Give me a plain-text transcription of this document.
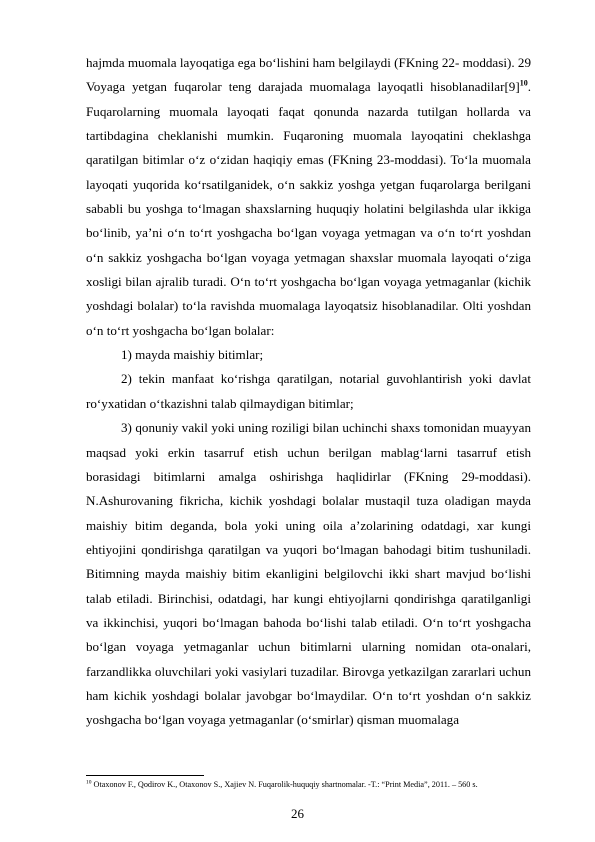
hajmda muomala layoqatiga ega bo‘lishini ham belgilaydi (FKning 22- moddasi). 29 Voyaga yetgan fuqarolar teng darajada muomalaga layoqatli hisoblanadilar[9]$^{10}$. Fuqarolarning muomala layoqati faqat qonunda nazarda tutilgan hollarda va tartibdagina cheklanishi mumkin. Fuqaroning muomala layoqatini cheklashga qaratilgan bitimlar o‘z o‘zidan haqiqiy emas (FKning 23-moddasi). To‘la muomala layoqati yuqorida ko‘rsatilganidek, o‘n sakkiz yoshga yetgan fuqarolarga berilgani sababli bu yoshga to‘lmagan shaxslarning huquqiy holatini belgilashda ular ikkiga bo‘linib, ya’ni o‘n to‘rt yoshgacha bo‘lgan voyaga yetmagan va o‘n to‘rt yoshdan o‘n sakkiz yoshgacha bo‘lgan voyaga yetmagan shaxslar muomala layoqati o‘ziga xosligi bilan ajralib turadi. O‘n to‘rt yoshgacha bo‘lgan voyaga yetmaganlar (kichik yoshdagi bolalar) to‘la ravishda muomalaga layoqatsiz hisoblanadilar. Olti yoshdan o‘n to‘rt yoshgacha bo‘lgan bolalar:

1) mayda maishiy bitimlar;

2) tekin manfaat ko‘rishga qaratilgan, notarial guvohlantirish yoki davlat ro‘yxatidan o‘tkazishni talab qilmaydigan bitimlar;

3) qonuniy vakil yoki uning roziligi bilan uchinchi shaxs tomonidan muayyan maqsad yoki erkin tasarruf etish uchun berilgan mablag‘larni tasarruf etish borasidagi bitimlarni amalga oshirishga haqlidirlar (FKning 29-moddasi). N.Ashurovaning fikricha, kichik yoshdagi bolalar mustaqil tuza oladigan mayda maishiy bitim deganda, bola yoki uning oila a’zolarining odatdagi, xar kungi ehtiyojini qondirishga qaratilgan va yuqori bo‘lmagan bahodagi bitim tushuniladi. Bitimning mayda maishiy bitim ekanligini belgilovchi ikki shart mavjud bo‘lishi talab etiladi. Birinchisi, odatdagi, har kungi ehtiyojlarni qondirishga qaratilganligi va ikkinchisi, yuqori bo‘lmagan bahoda bo‘lishi talab etiladi. O‘n to‘rt yoshgacha bo‘lgan voyaga yetmaganlar uchun bitimlarni ularning nomidan ota-onalari, farzandlikka oluvchilari yoki vasiylari tuzadilar. Birovga yetkazilgan zararlari uchun ham kichik yoshdagi bolalar javobgar bo‘lmaydilar. O‘n to‘rt yoshdan o‘n sakkiz yoshgacha bo‘lgan voyaga yetmaganlar (o‘smirlar) qisman muomalaga

$^{10}$ Otaxonov F., Qodirov K., Otaxonov S., Xajiev N. Fuqarolik-huquqiy shartnomalar. -T.: “Print Media”, 2011. – 560 s.
26
